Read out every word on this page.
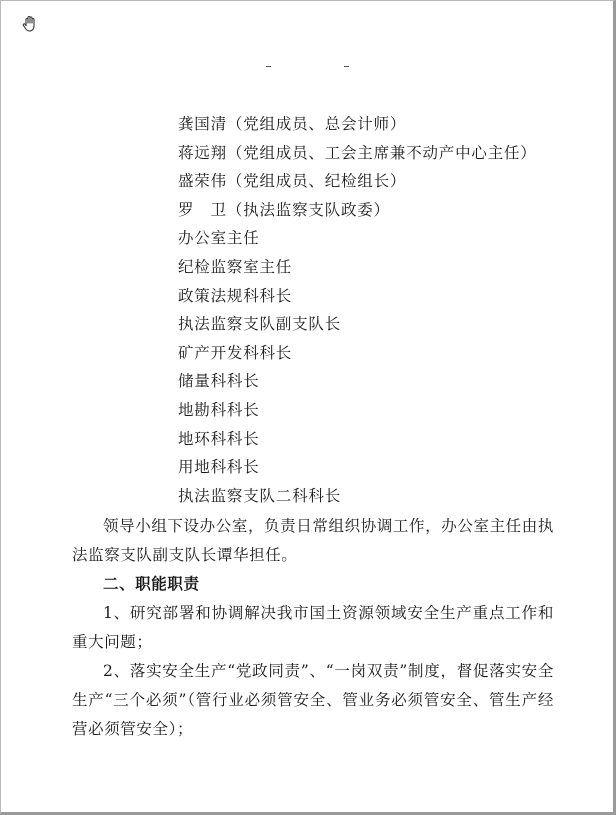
龚国清（党组成员、总会计师）
蒋远翔（党组成员、工会主席兼不动产中心主任）
盛荣伟（党组成员、纪检组长）
罗　卫（执法监察支队政委）
办公室主任
纪检监察室主任
政策法规科科长
执法监察支队副支队长
矿产开发科科长
储量科科长
地勘科科长
地环科科长
用地科科长
执法监察支队二科科长
领导小组下设办公室，负责日常组织协调工作，办公室主任由执法监察支队副支队长谭华担任。
二、职能职责
1、研究部署和协调解决我市国土资源领域安全生产重点工作和重大问题；
2、落实安全生产“党政同责”、“一岗双责”制度，督促落实安全生产“三个必须”（管行业必须管安全、管业务必须管安全、管生产经营必须管安全）；
